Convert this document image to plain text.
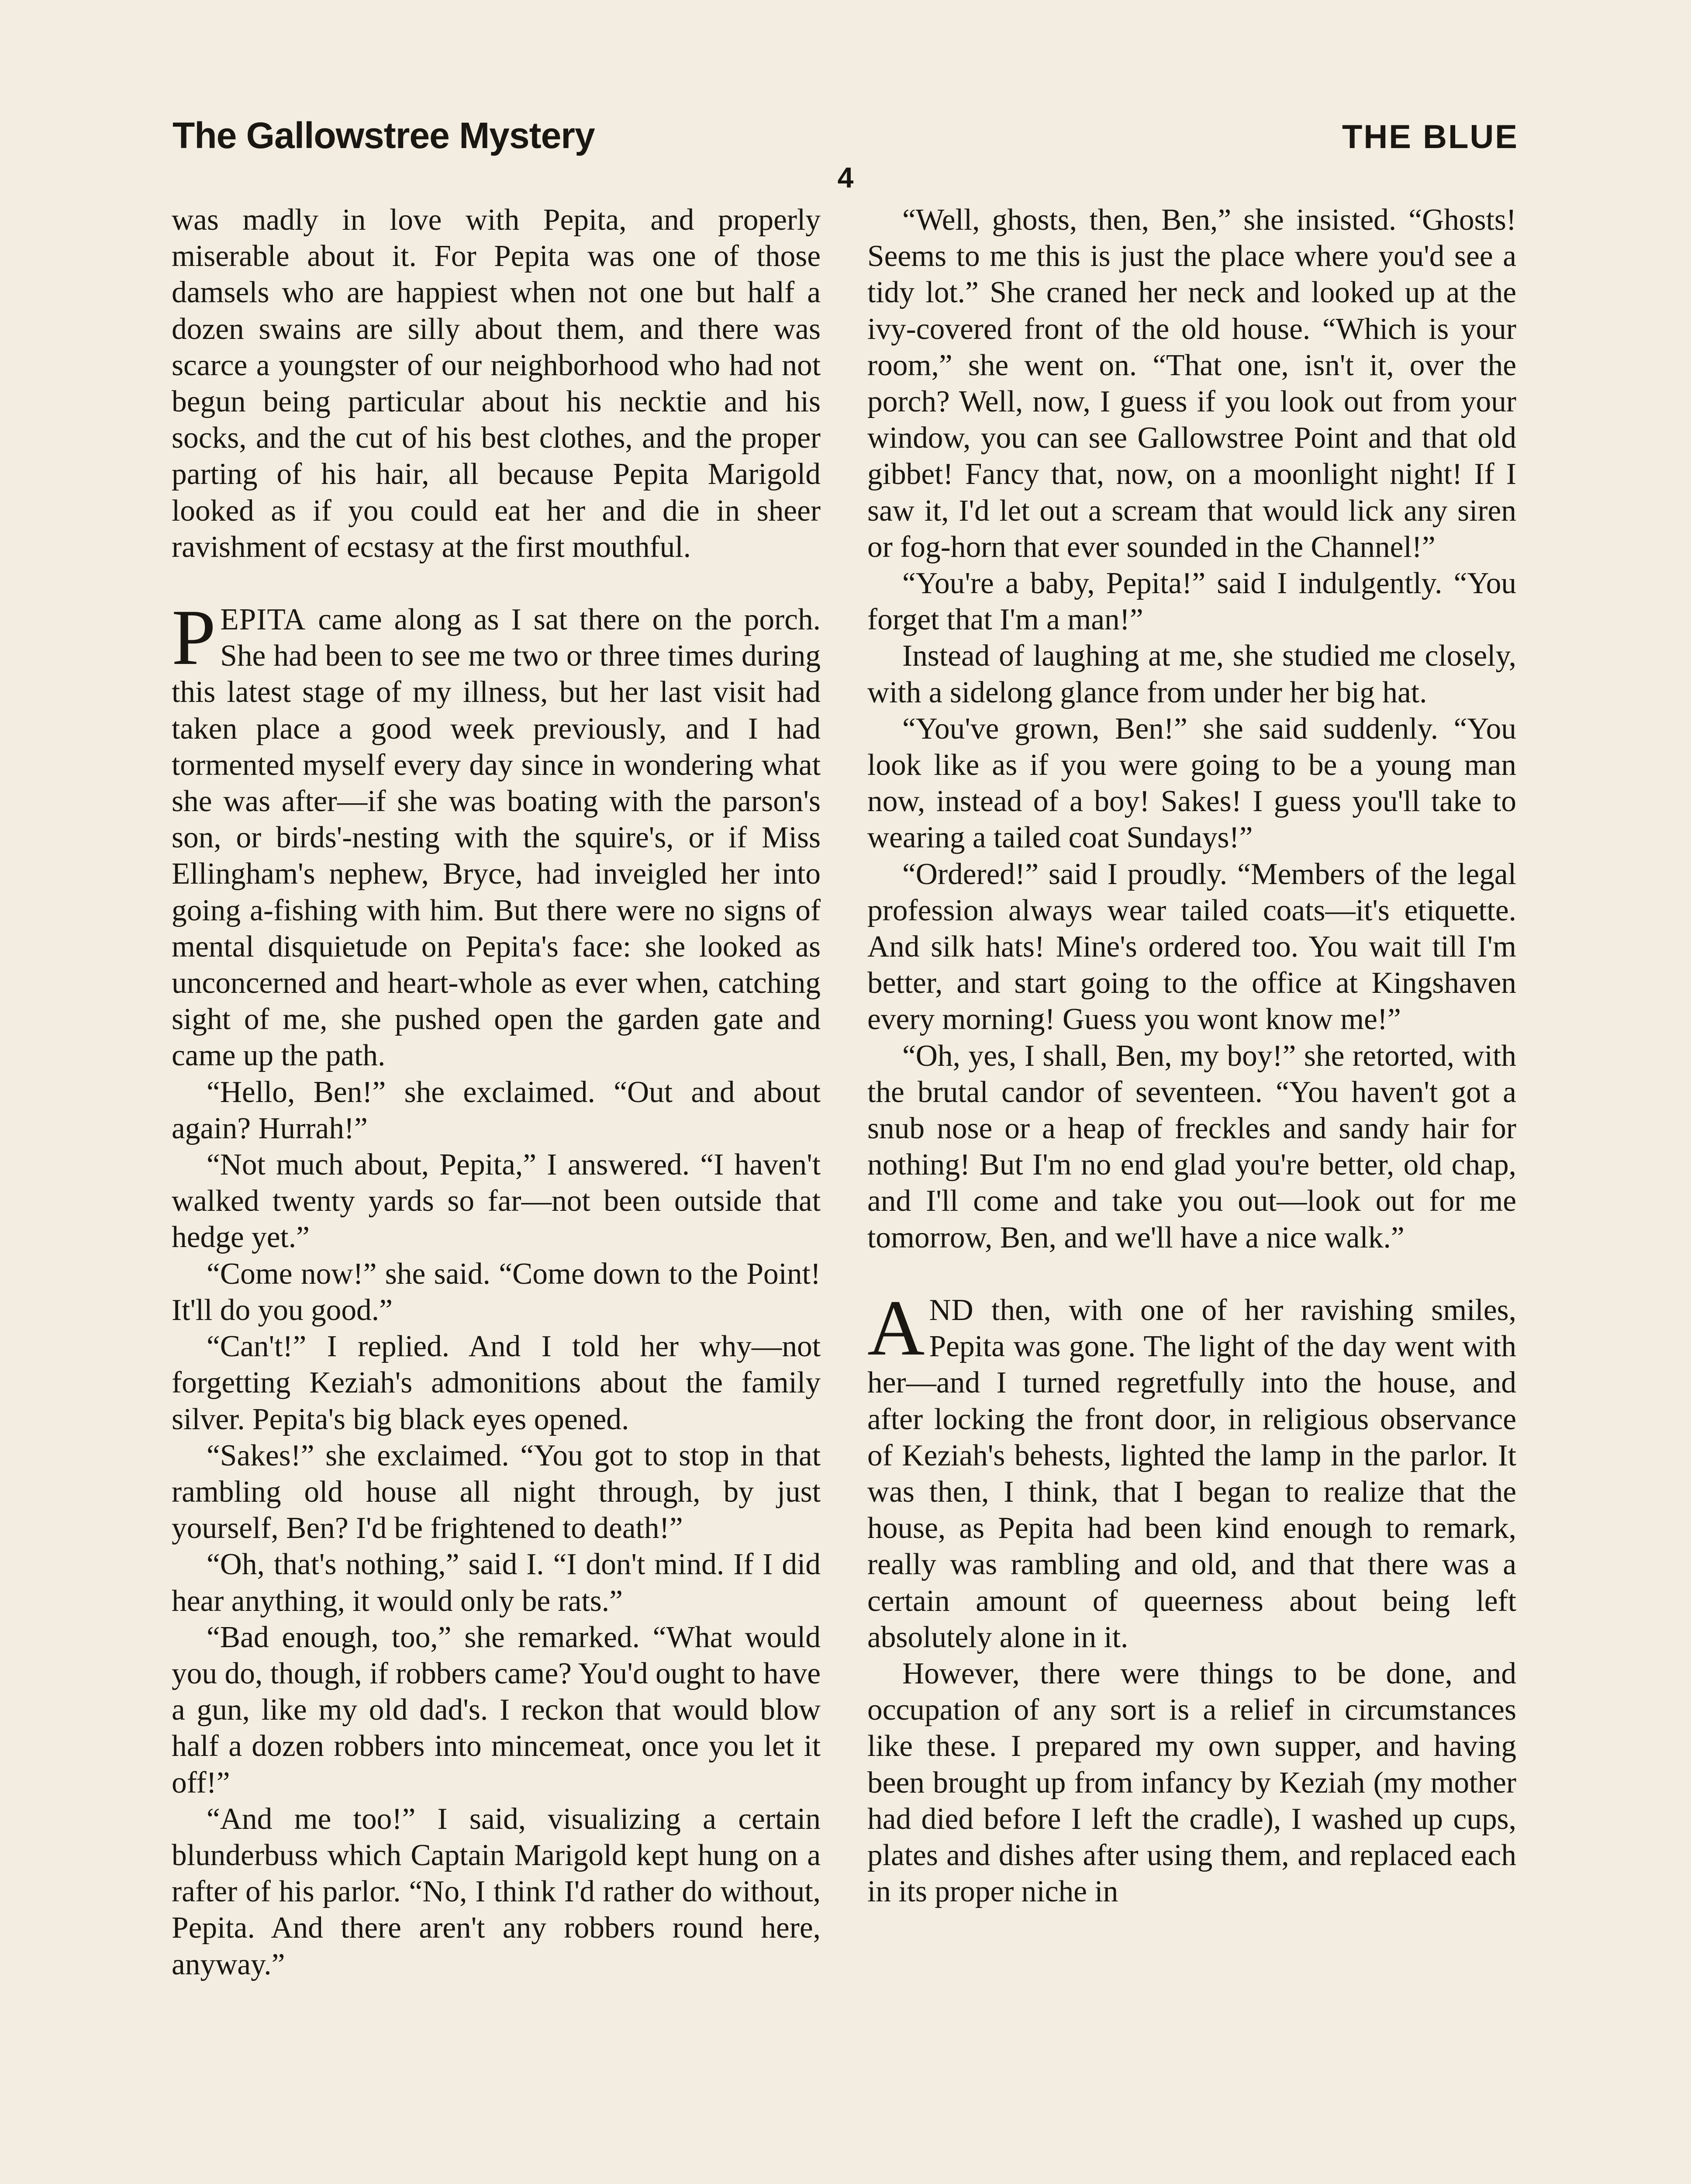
The Gallowstree Mystery	THE BLUE
4

was madly in love with Pepita, and properly miserable about it. For Pepita was one of those damsels who are happiest when not one but half a dozen swains are silly about them, and there was scarce a youngster of our neighborhood who had not begun being particular about his necktie and his socks, and the cut of his best clothes, and the proper parting of his hair, all because Pepita Marigold looked as if you could eat her and die in sheer ravishment of ecstasy at the first mouthful.

PEPITA came along as I sat there on the porch. She had been to see me two or three times during this latest stage of my illness, but her last visit had taken place a good week previously, and I had tormented myself every day since in wondering what she was after—if she was boating with the parson's son, or birds'-nesting with the squire's, or if Miss Ellingham's nephew, Bryce, had inveigled her into going a-fishing with him. But there were no signs of mental disquietude on Pepita's face: she looked as unconcerned and heart-whole as ever when, catching sight of me, she pushed open the garden gate and came up the path.

“Hello, Ben!” she exclaimed. “Out and about again? Hurrah!”

“Not much about, Pepita,” I answered. “I haven't walked twenty yards so far—not been outside that hedge yet.”

“Come now!” she said. “Come down to the Point! It'll do you good.”

“Can't!” I replied. And I told her why—not forgetting Keziah's admonitions about the family silver. Pepita's big black eyes opened.

“Sakes!” she exclaimed. “You got to stop in that rambling old house all night through, by just yourself, Ben? I'd be frightened to death!”

“Oh, that's nothing,” said I. “I don't mind. If I did hear anything, it would only be rats.”

“Bad enough, too,” she remarked. “What would you do, though, if robbers came? You'd ought to have a gun, like my old dad's. I reckon that would blow half a dozen robbers into mincemeat, once you let it off!”

“And me too!” I said, visualizing a certain blunderbuss which Captain Marigold kept hung on a rafter of his parlor. “No, I think I'd rather do without, Pepita. And there aren't any robbers round here, anyway.”

“Well, ghosts, then, Ben,” she insisted. “Ghosts! Seems to me this is just the place where you'd see a tidy lot.” She craned her neck and looked up at the ivy-covered front of the old house. “Which is your room,” she went on. “That one, isn't it, over the porch? Well, now, I guess if you look out from your window, you can see Gallowstree Point and that old gibbet! Fancy that, now, on a moonlight night! If I saw it, I'd let out a scream that would lick any siren or fog-horn that ever sounded in the Channel!”

“You're a baby, Pepita!” said I indulgently. “You forget that I'm a man!”

Instead of laughing at me, she studied me closely, with a sidelong glance from under her big hat.

“You've grown, Ben!” she said suddenly. “You look like as if you were going to be a young man now, instead of a boy! Sakes! I guess you'll take to wearing a tailed coat Sundays!”

“Ordered!” said I proudly. “Members of the legal profession always wear tailed coats—it's etiquette. And silk hats! Mine's ordered too. You wait till I'm better, and start going to the office at Kingshaven every morning! Guess you wont know me!”

“Oh, yes, I shall, Ben, my boy!” she retorted, with the brutal candor of seventeen. “You haven't got a snub nose or a heap of freckles and sandy hair for nothing! But I'm no end glad you're better, old chap, and I'll come and take you out—look out for me tomorrow, Ben, and we'll have a nice walk.”

AND then, with one of her ravishing smiles, Pepita was gone. The light of the day went with her—and I turned regretfully into the house, and after locking the front door, in religious observance of Keziah's behests, lighted the lamp in the parlor. It was then, I think, that I began to realize that the house, as Pepita had been kind enough to remark, really was rambling and old, and that there was a certain amount of queerness about being left absolutely alone in it.

However, there were things to be done, and occupation of any sort is a relief in circumstances like these. I prepared my own supper, and having been brought up from infancy by Keziah (my mother had died before I left the cradle), I washed up cups, plates and dishes after using them, and replaced each in its proper niche in
